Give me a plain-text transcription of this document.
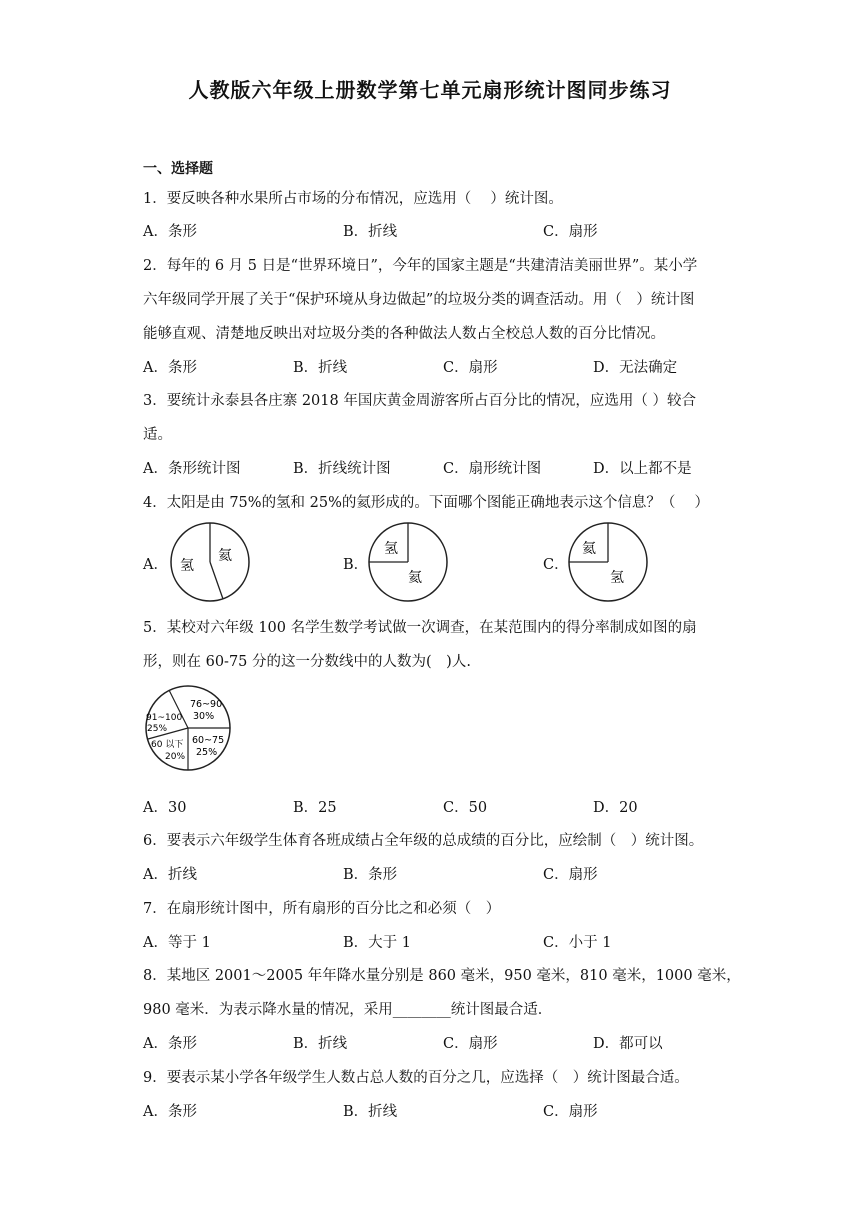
人教版六年级上册数学第七单元扇形统计图同步练习
一、选择题
1．要反映各种水果所占市场的分布情况，应选用（　 ）统计图。
A．条形	B．折线	C．扇形
2．每年的 6 月 5 日是“世界环境日”，今年的国家主题是“共建清洁美丽世界”。某小学
六年级同学开展了关于“保护环境从身边做起”的垃圾分类的调查活动。用（　）统计图
能够直观、清楚地反映出对垃圾分类的各种做法人数占全校总人数的百分比情况。
A．条形	B．折线	C．扇形	D．无法确定
3．要统计永泰县各庄寨 2018 年国庆黄金周游客所占百分比的情况，应选用（ ）较合
适。
A．条形统计图	B．折线统计图	C．扇形统计图	D．以上都不是
4．太阳是由 75%的氢和 25%的氦形成的。下面哪个图能正确地表示这个信息？（　 ）
A． 氢
氦
B．
氢
氦
C．
氦
氢
5．某校对六年级 100 名学生数学考试做一次调查，在某范围内的得分率制成如图的扇
形，则在 60-75 分的这一分数线中的人数为(　)人.
76~90
30%
91~100
25%
60 以下
20%
60~75
25%
A．30	B．25	C．50	D．20
6．要表示六年级学生体育各班成绩占全年级的总成绩的百分比，应绘制（　）统计图。
A．折线	B．条形	C．扇形
7．在扇形统计图中，所有扇形的百分比之和必须（　）
A．等于 1	B．大于 1	C．小于 1
8．某地区 2001～2005 年年降水量分别是 860 毫米，950 毫米，810 毫米，1000 毫米，
980 毫米．为表示降水量的情况，采用________统计图最合适．
A．条形	B．折线	C．扇形	D．都可以
9．要表示某小学各年级学生人数占总人数的百分之几，应选择（　）统计图最合适。
A．条形	B．折线	C．扇形
